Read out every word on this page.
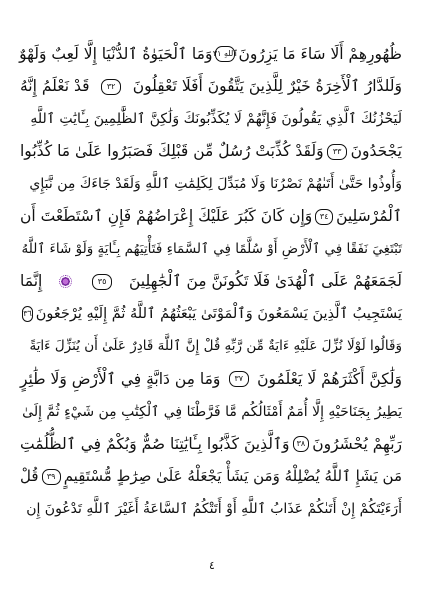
ظُهُورِهِمْ أَلَا سَاءَ مَا يَزِرُونَ
ٱللهِ ٣١
وَمَا ٱلْحَيَوٰةُ ٱلدُّنْيَا إِلَّا لَعِبٌ وَلَهْوٌ
وَلَلدَّارُ ٱلْأَخِرَةُ خَيْرٌ لِلَّذِينَ يَتَّقُونَ أَفَلَا تَعْقِلُونَ
٣٢
قَدْ نَعْلَمُ إِنَّهُ
لَيَحْزُنُكَ ٱلَّذِي يَقُولُونَ فَإِنَّهُمْ لَا يُكَذِّبُونَكَ وَلَٰكِنَّ ٱلظَّٰلِمِينَ بِـَٔايَٰتِ ٱللَّهِ
يَجْحَدُونَ
٣٣
وَلَقَدْ كُذِّبَتْ رُسُلٌ مِّن قَبْلِكَ فَصَبَرُوا عَلَىٰ مَا كُذِّبُوا
وَأُوذُوا حَتَّىٰ أَتَىٰهُمْ نَصْرُنَا وَلَا مُبَدِّلَ لِكَلِمَٰتِ ٱللَّهِ وَلَقَدْ جَاءَكَ مِن نَّبَإِي
ٱلْمُرْسَلِينَ
٣٤
وَإِن كَانَ كَبُرَ عَلَيْكَ إِعْرَاضُهُمْ فَإِنِ ٱسْتَطَعْتَ أَن
تَبْتَغِيَ نَفَقًا فِي ٱلْأَرْضِ أَوْ سُلَّمًا فِي ٱلسَّمَاءِ فَتَأْتِيَهُم بِـَٔايَةٍ وَلَوْ شَاءَ ٱللَّهُ
لَجَمَعَهُمْ عَلَى ٱلْهُدَىٰ فَلَا تَكُونَنَّ مِنَ ٱلْجَٰهِلِينَ
٣٥
إِنَّمَا
يَسْتَجِيبُ ٱلَّذِينَ يَسْمَعُونَ وَٱلْمَوْتَىٰ يَبْعَثُهُمُ ٱللَّهُ ثُمَّ إِلَيْهِ يُرْجَعُونَ
٣٦
وَقَالُوا لَوْلَا نُزِّلَ عَلَيْهِ ءَايَةٌ مِّن رَّبِّهِ قُلْ إِنَّ ٱللَّهَ قَادِرٌ عَلَىٰ أَن يُنَزِّلَ ءَايَةً
وَلَٰكِنَّ أَكْثَرَهُمْ لَا يَعْلَمُونَ
٣٧
وَمَا مِن دَابَّةٍ فِي ٱلْأَرْضِ وَلَا طَٰئِرٍ
يَطِيرُ بِجَنَاحَيْهِ إِلَّا أُمَمٌ أَمْثَالُكُم مَّا فَرَّطْنَا فِي ٱلْكِتَٰبِ مِن شَيْءٍ ثُمَّ إِلَىٰ
رَبِّهِمْ يُحْشَرُونَ
٣٨
وَٱلَّذِينَ كَذَّبُوا بِـَٔايَٰتِنَا صُمٌّ وَبُكْمٌ فِي ٱلظُّلُمَٰتِ
مَن يَشَإِ ٱللَّهُ يُضْلِلْهُ وَمَن يَشَأْ يَجْعَلْهُ عَلَىٰ صِرَٰطٍ مُّسْتَقِيمٍ
٣٩
قُلْ
أَرَءَيْتَكُمْ إِنْ أَتَىٰكُمْ عَذَابُ ٱللَّهِ أَوْ أَتَتْكُمُ ٱلسَّاعَةُ أَغَيْرَ ٱللَّهِ تَدْعُونَ إِن
٤
